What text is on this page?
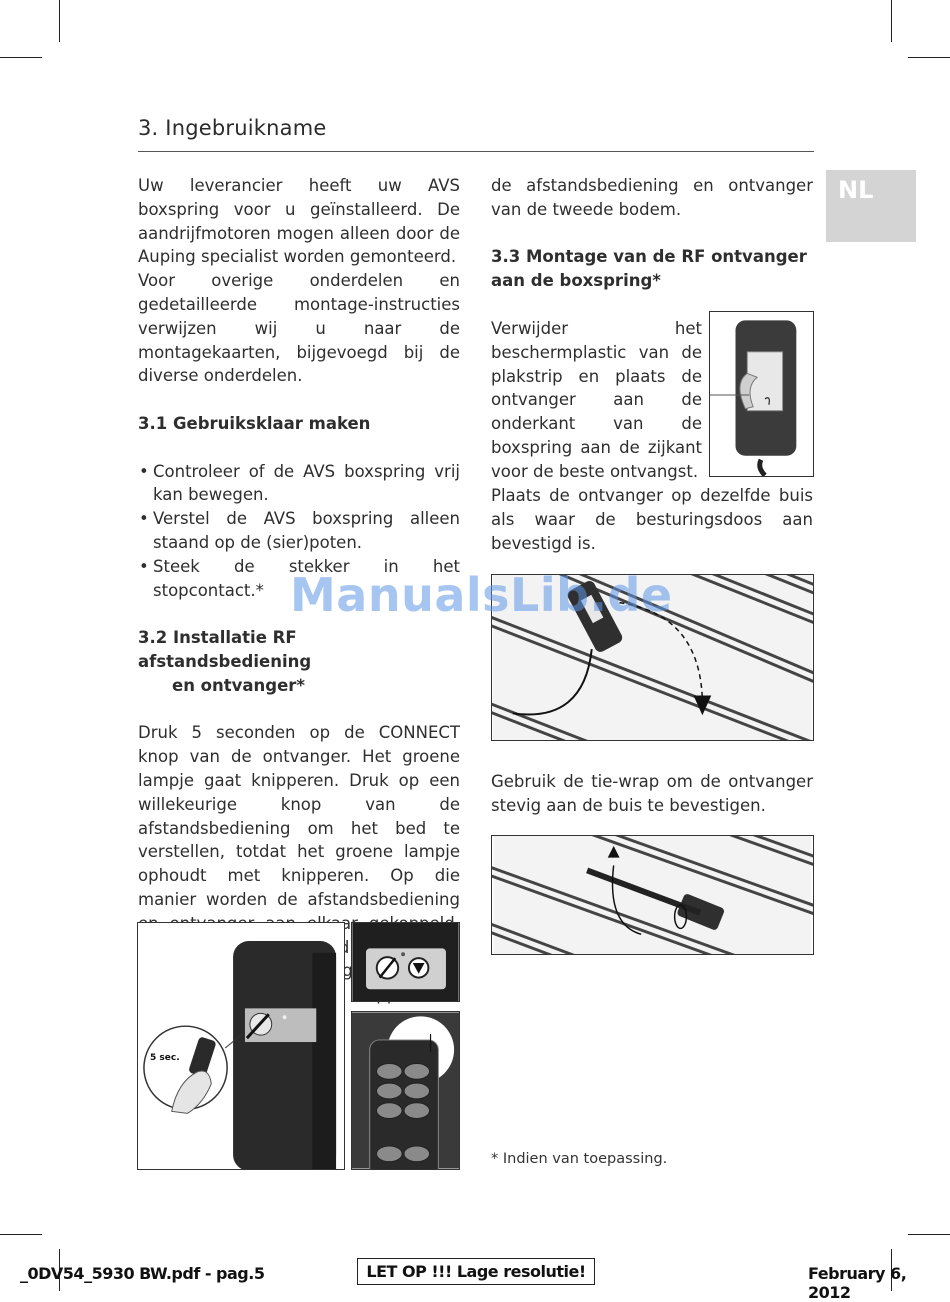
3. Ingebruikname
NL

Uw leverancier heeft uw AVS boxspring voor u geïnstalleerd. De aandrijfmotoren mogen alleen door de Auping specialist worden gemonteerd.

Voor overige onderdelen en gedetailleerde montage-instructies verwijzen wij u naar de montagekaarten, bijgevoegd bij de diverse onderdelen.

3.1 Gebruiksklaar maken
• Controleer of de AVS boxspring vrij kan bewegen.
• Verstel de AVS boxspring alleen staand op de (sier)poten.
• Steek de stekker in het stopcontact.*
3.2 Installatie RF afstandsbediening
en ontvanger*

Druk 5 seconden op de CONNECT knop van de ontvanger. Het groene lampje gaat knipperen. Druk op een willekeurige knop van de afstandsbediening om het bed te verstellen, totdat het groene lampje ophoudt met knipperen. Op die manier worden de afstandsbediening

de afstandsbediening en ontvanger van de tweede bodem.

3.3 Montage van de RF ontvanger
aan de boxspring*

Verwijder het beschermplastic van de plakstrip en plaats de ontvanger aan de onderkant van de boxspring aan de zijkant voor de beste ontvangst.

Plaats de ontvanger op dezelfde buis als waar de besturingsdoos aan bevestigd is.

Gebruik de tie-wrap om de ontvanger stevig aan de buis te bevestigen.

5 sec.
ManualsLib.de
* Indien van toepassing.
_0DV54_5930 BW.pdf - pag.5	LET OP !!! Lage resolutie!	February 6, 2012
